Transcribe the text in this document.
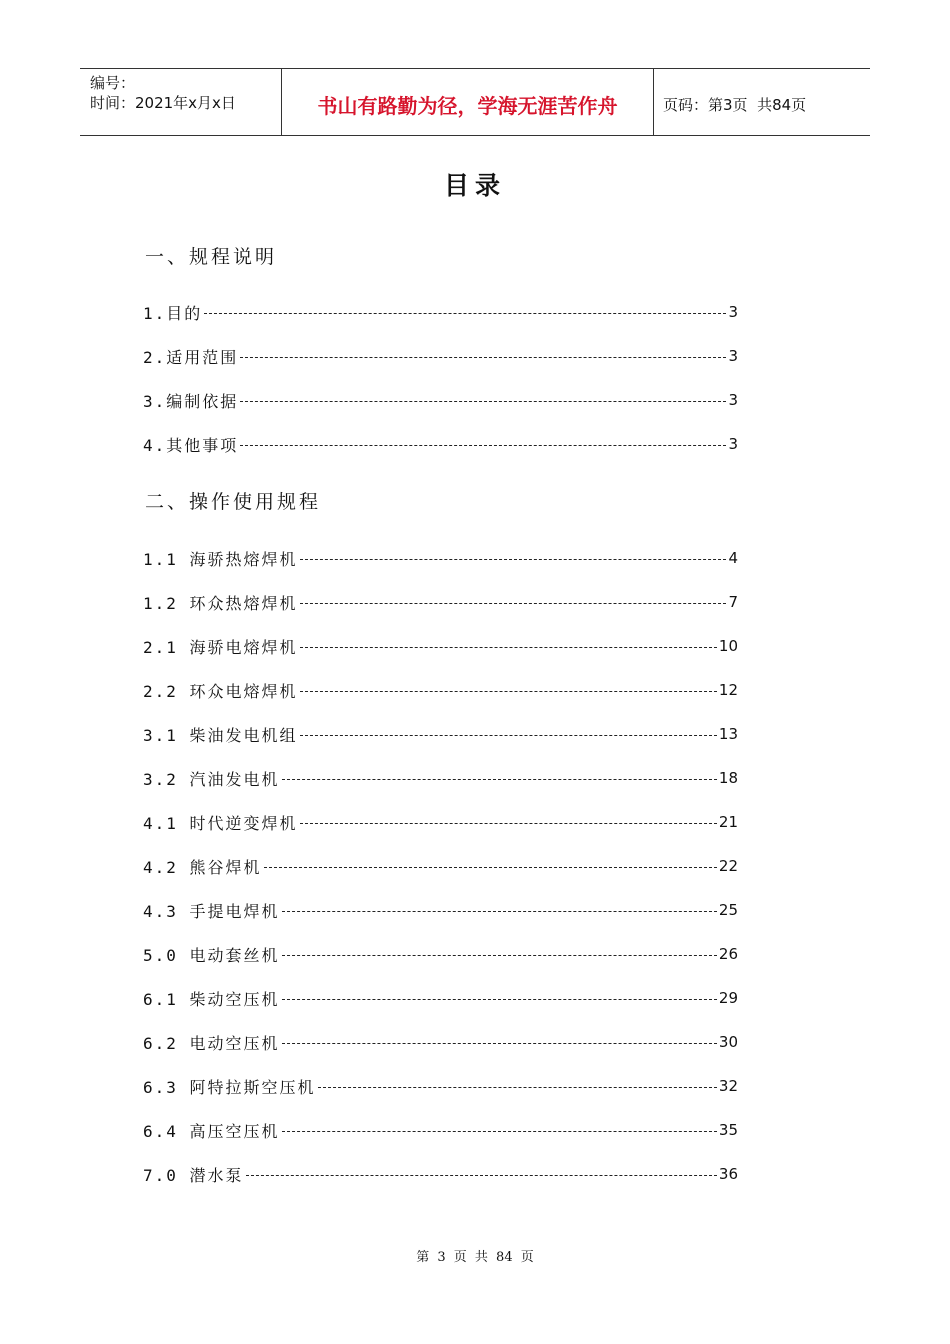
编号：
时间：2021年x月x日	书山有路勤为径，学海无涯苦作舟	页码：第3页  共84页
目录
一、规程说明
1.目的	3
2.适用范围	3
3.编制依据	3
4.其他事项	3
二、操作使用规程
1.1 海骄热熔焊机	4
1.2 环众热熔焊机	7
2.1 海骄电熔焊机	10
2.2 环众电熔焊机	12
3.1 柴油发电机组	13
3.2 汽油发电机	18
4.1 时代逆变焊机	21
4.2 熊谷焊机	22
4.3 手提电焊机	25
5.0 电动套丝机	26
6.1 柴动空压机	29
6.2 电动空压机	30
6.3 阿特拉斯空压机	32
6.4 高压空压机	35
7.0 潜水泵	36
第 3 页 共 84 页
